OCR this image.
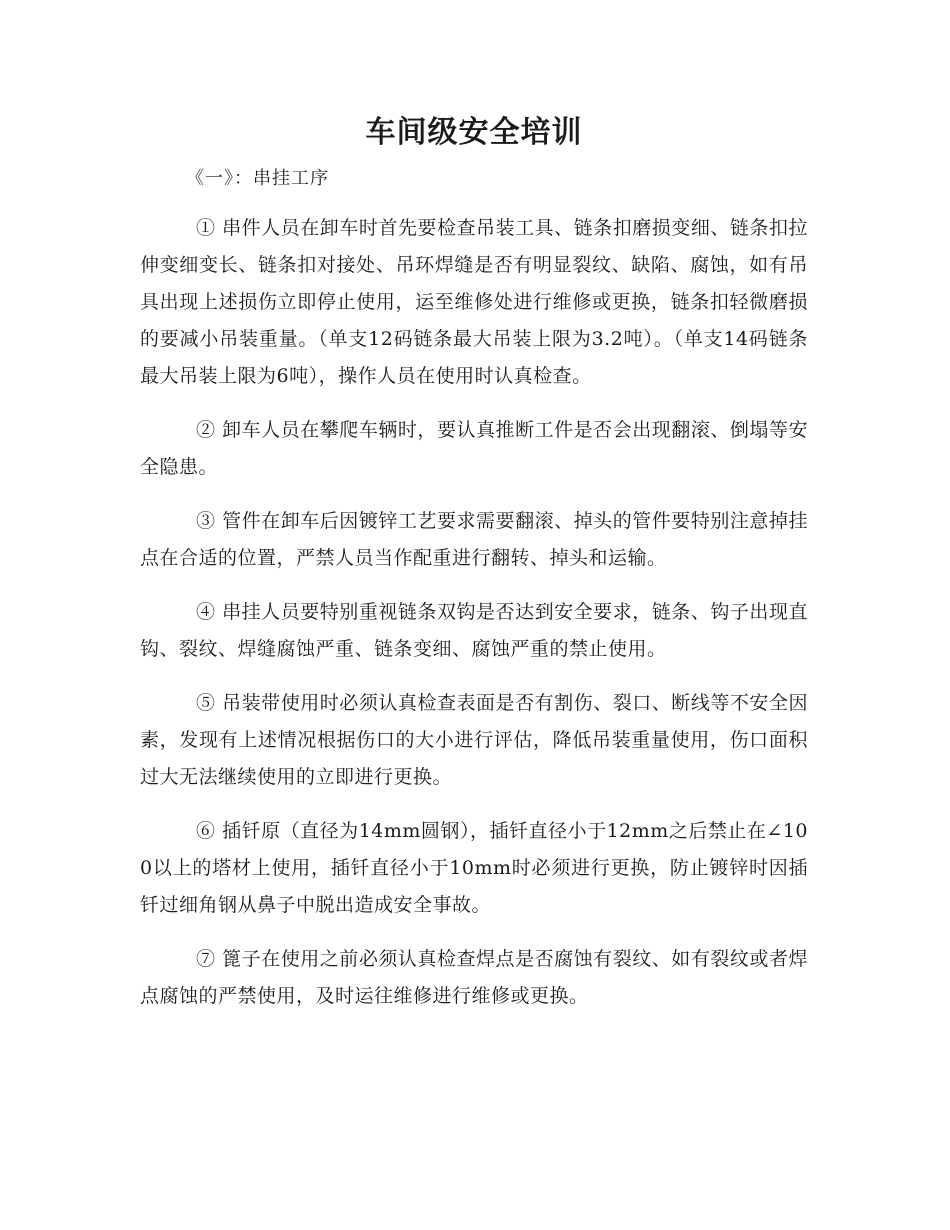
车间级安全培训
《一》：串挂工序

① 串件人员在卸车时首先要检查吊装工具、链条扣磨损变细、链条扣拉伸变细变长、链条扣对接处、吊环焊缝是否有明显裂纹、缺陷、腐蚀，如有吊具出现上述损伤立即停止使用，运至维修处进行维修或更换，链条扣轻微磨损的要减小吊装重量。（单支12码链条最大吊装上限为3.2吨）。（单支14码链条最大吊装上限为6吨），操作人员在使用时认真检查。

② 卸车人员在攀爬车辆时，要认真推断工件是否会出现翻滚、倒塌等安全隐患。

③ 管件在卸车后因镀锌工艺要求需要翻滚、掉头的管件要特别注意掉挂点在合适的位置，严禁人员当作配重进行翻转、掉头和运输。

④ 串挂人员要特别重视链条双钩是否达到安全要求，链条、钩子出现直钩、裂纹、焊缝腐蚀严重、链条变细、腐蚀严重的禁止使用。

⑤ 吊装带使用时必须认真检查表面是否有割伤、裂口、断线等不安全因素，发现有上述情况根据伤口的大小进行评估，降低吊装重量使用，伤口面积过大无法继续使用的立即进行更换。

⑥ 插钎原（直径为14mm圆钢），插钎直径小于12mm之后禁止在∠100以上的塔材上使用，插钎直径小于10mm时必须进行更换，防止镀锌时因插钎过细角钢从鼻子中脱出造成安全事故。

⑦ 篦子在使用之前必须认真检查焊点是否腐蚀有裂纹、如有裂纹或者焊点腐蚀的严禁使用，及时运往维修进行维修或更换。
